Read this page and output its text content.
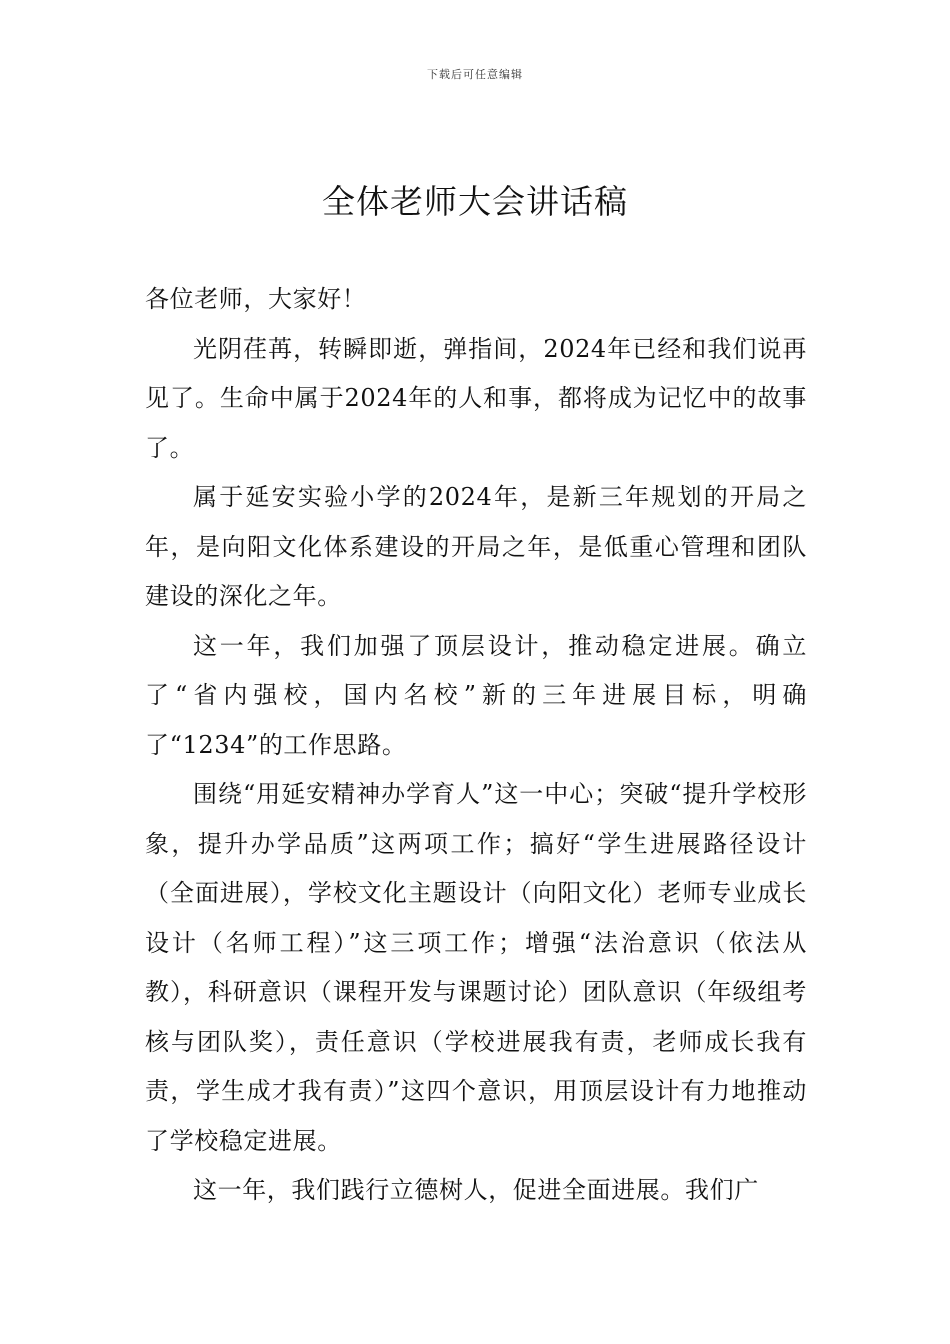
下载后可任意编辑
全体老师大会讲话稿

各位老师，大家好！

光阴荏苒，转瞬即逝，弹指间，2024年已经和我们说再见了。生命中属于2024年的人和事，都将成为记忆中的故事了。

属于延安实验小学的2024年，是新三年规划的开局之年，是向阳文化体系建设的开局之年，是低重心管理和团队建设的深化之年。

这一年，我们加强了顶层设计，推动稳定进展。确立了“省内强校，国内名校”新的三年进展目标，明确了“1234”的工作思路。

围绕“用延安精神办学育人”这一中心；突破“提升学校形象，提升办学品质”这两项工作；搞好“学生进展路径设计（全面进展），学校文化主题设计（向阳文化）老师专业成长设计（名师工程）”这三项工作；增强“法治意识（依法从教），科研意识（课程开发与课题讨论）团队意识（年级组考核与团队奖），责任意识（学校进展我有责，老师成长我有责，学生成才我有责）”这四个意识，用顶层设计有力地推动了学校稳定进展。

这一年，我们践行立德树人，促进全面进展。我们广
